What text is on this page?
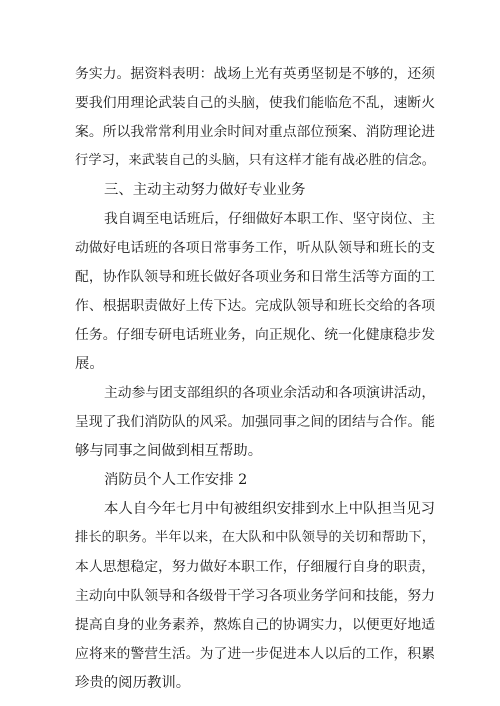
务实力。据资料表明：战场上光有英勇坚韧是不够的，还须

要我们用理论武装自己的头脑，使我们能临危不乱，速断火

案。所以我常常利用业余时间对重点部位预案、消防理论进

行学习，来武装自己的头脑，只有这样才能有战必胜的信念。

三、主动主动努力做好专业业务

我自调至电话班后，仔细做好本职工作、坚守岗位、主

动做好电话班的各项日常事务工作，听从队领导和班长的支

配，协作队领导和班长做好各项业务和日常生活等方面的工

作、根据职责做好上传下达。完成队领导和班长交给的各项

任务。仔细专研电话班业务，向正规化、统一化健康稳步发

展。

主动参与团支部组织的各项业余活动和各项演讲活动，

呈现了我们消防队的风采。加强同事之间的团结与合作。能

够与同事之间做到相互帮助。

消防员个人工作安排 2

本人自今年七月中旬被组织安排到水上中队担当见习

排长的职务。半年以来，在大队和中队领导的关切和帮助下，

本人思想稳定，努力做好本职工作，仔细履行自身的职责，

主动向中队领导和各级骨干学习各项业务学问和技能，努力

提高自身的业务素养，熬炼自己的协调实力，以便更好地适

应将来的警营生活。为了进一步促进本人以后的工作，积累

珍贵的阅历教训。
